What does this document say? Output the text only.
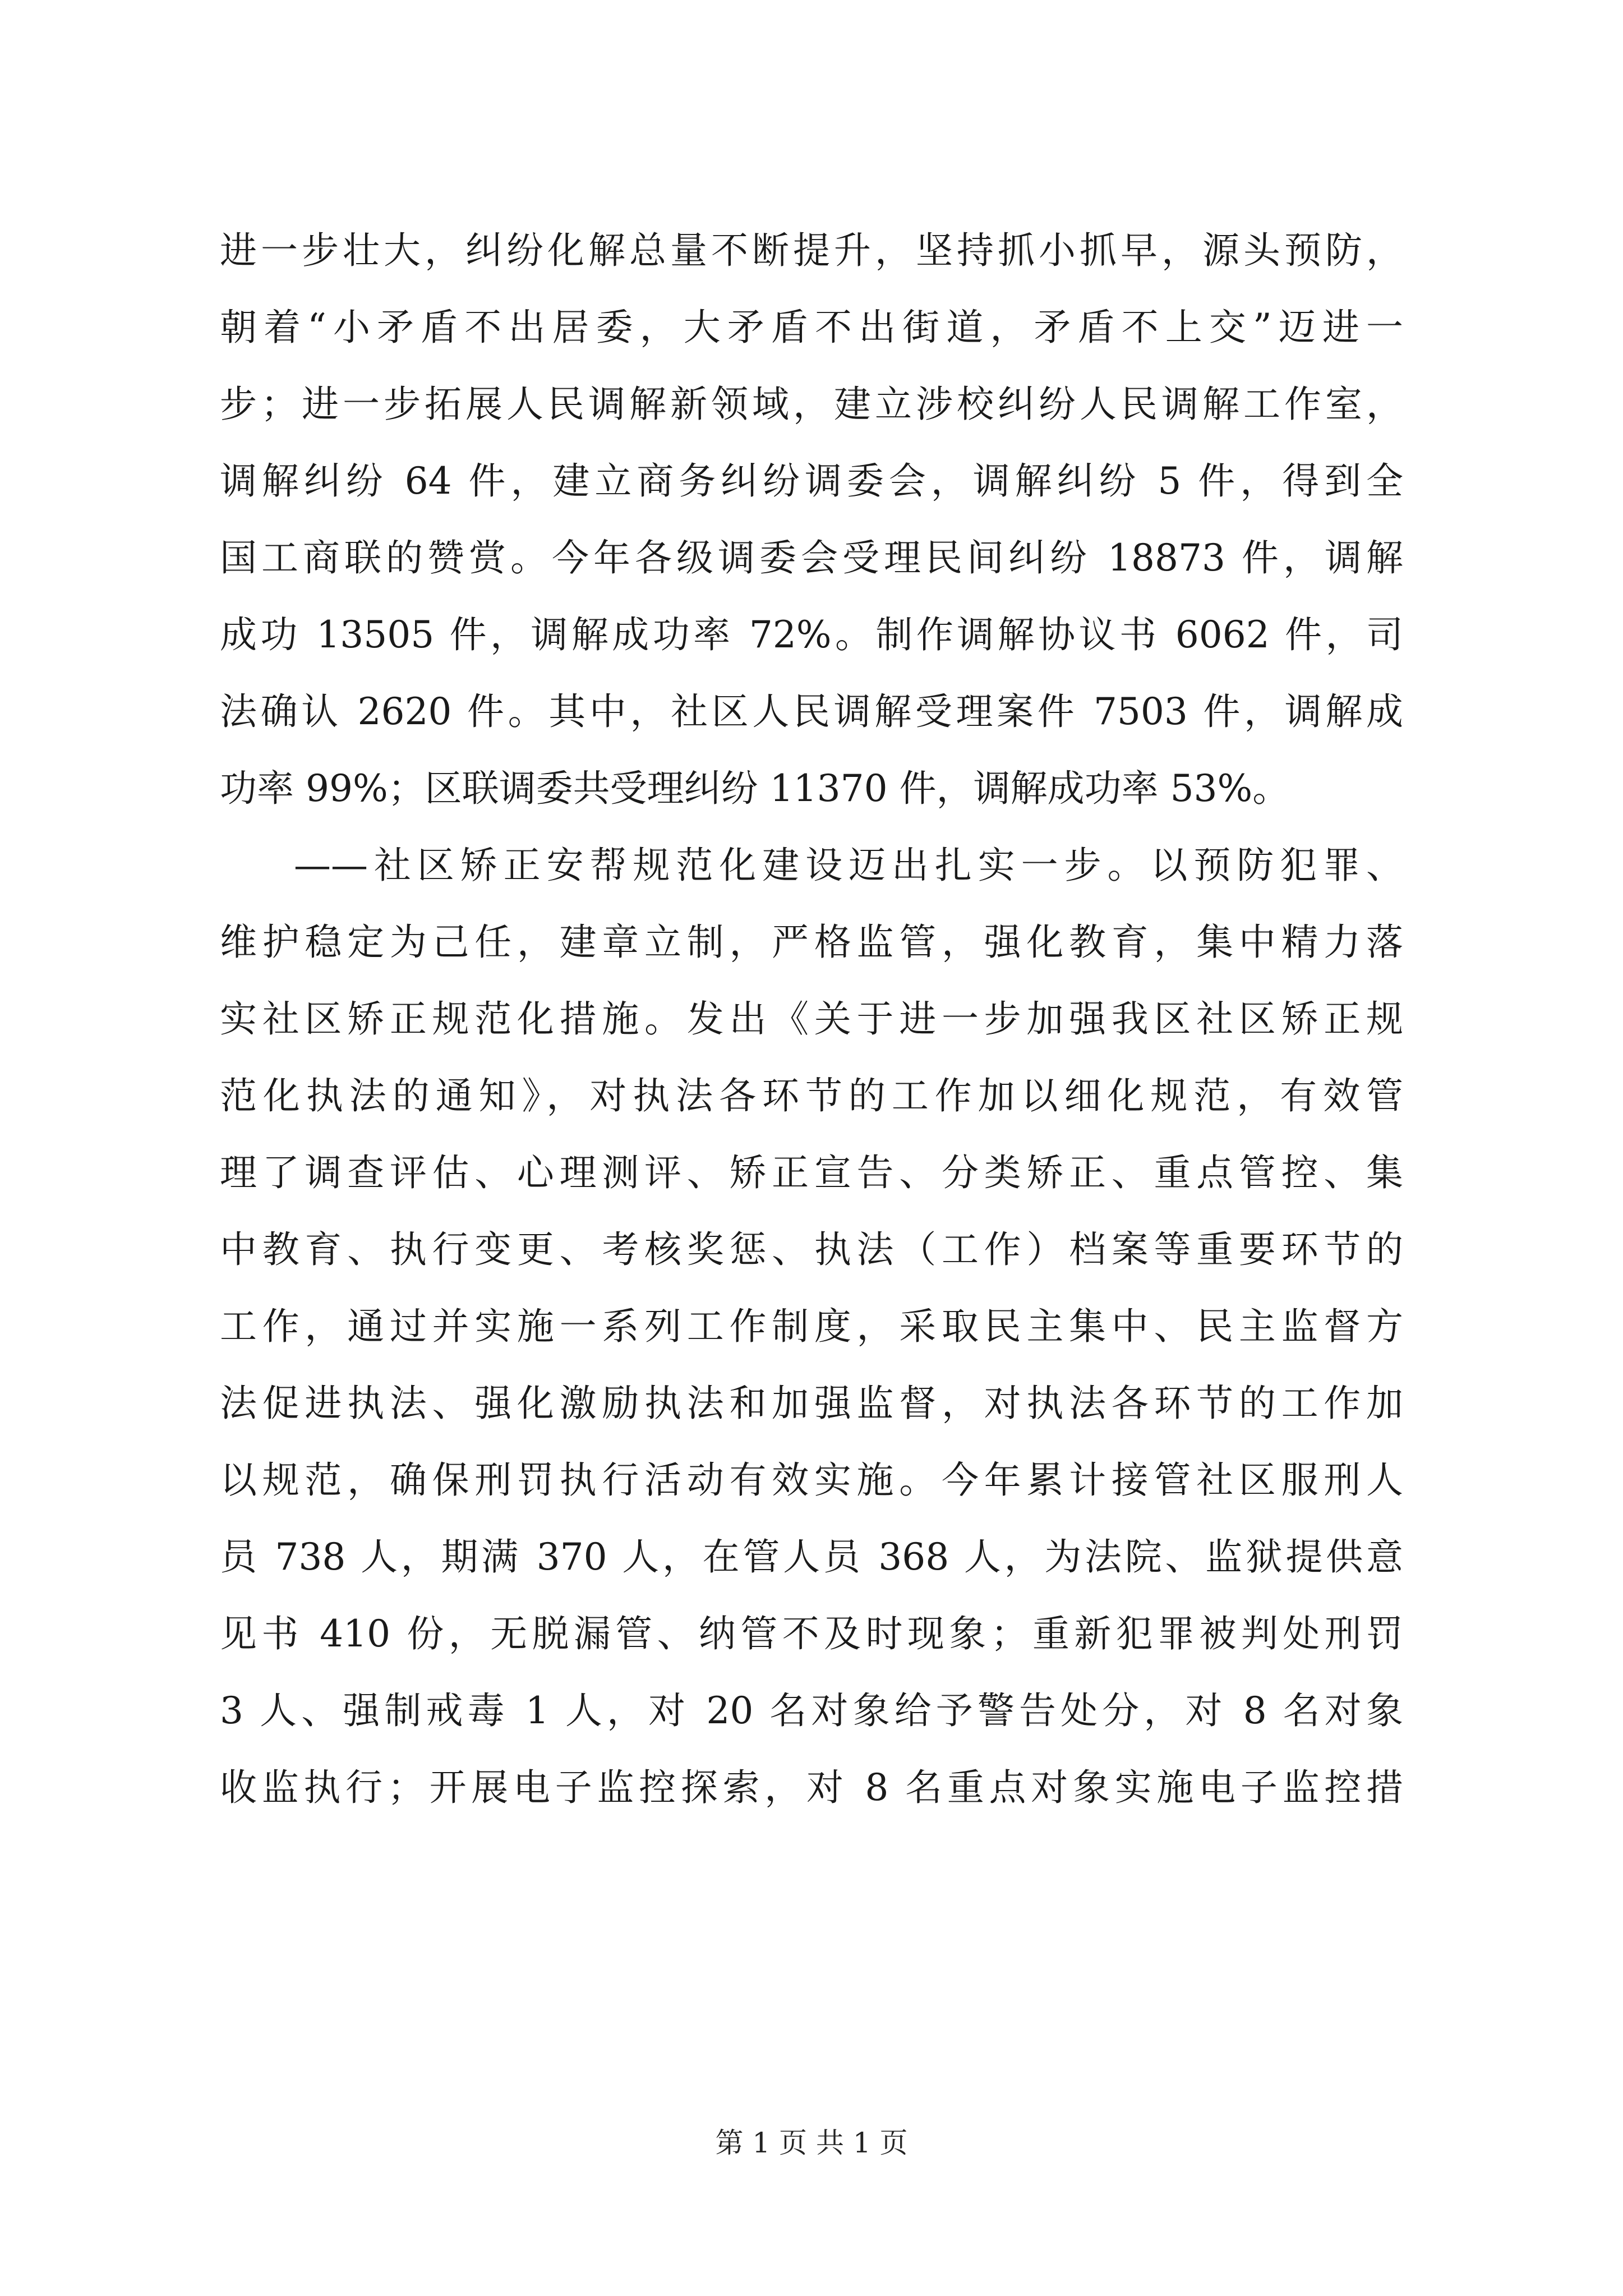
进一步壮大，纠纷化解总量不断提升，坚持抓小抓早，源头预防，
朝着“小矛盾不出居委，大矛盾不出街道，矛盾不上交”迈进一
步；进一步拓展人民调解新领域，建立涉校纠纷人民调解工作室，
调解纠纷 64 件，建立商务纠纷调委会，调解纠纷 5 件，得到全
国工商联的赞赏。今年各级调委会受理民间纠纷 18873 件，调解
成功 13505 件，调解成功率 72%。制作调解协议书 6062 件，司
法确认 2620 件。其中，社区人民调解受理案件 7503 件，调解成
功率 99%；区联调委共受理纠纷 11370 件，调解成功率 53%。
——社区矫正安帮规范化建设迈出扎实一步。以预防犯罪、
维护稳定为己任，建章立制，严格监管，强化教育，集中精力落
实社区矫正规范化措施。发出《关于进一步加强我区社区矫正规
范化执法的通知》，对执法各环节的工作加以细化规范，有效管
理了调查评估、心理测评、矫正宣告、分类矫正、重点管控、集
中教育、执行变更、考核奖惩、执法（工作）档案等重要环节的
工作，通过并实施一系列工作制度，采取民主集中、民主监督方
法促进执法、强化激励执法和加强监督，对执法各环节的工作加
以规范，确保刑罚执行活动有效实施。今年累计接管社区服刑人
员 738 人，期满 370 人，在管人员 368 人，为法院、监狱提供意
见书 410 份，无脱漏管、纳管不及时现象；重新犯罪被判处刑罚
3 人、强制戒毒 1 人，对 20 名对象给予警告处分，对 8 名对象
收监执行；开展电子监控探索，对 8 名重点对象实施电子监控措
第 1 页 共 1 页
